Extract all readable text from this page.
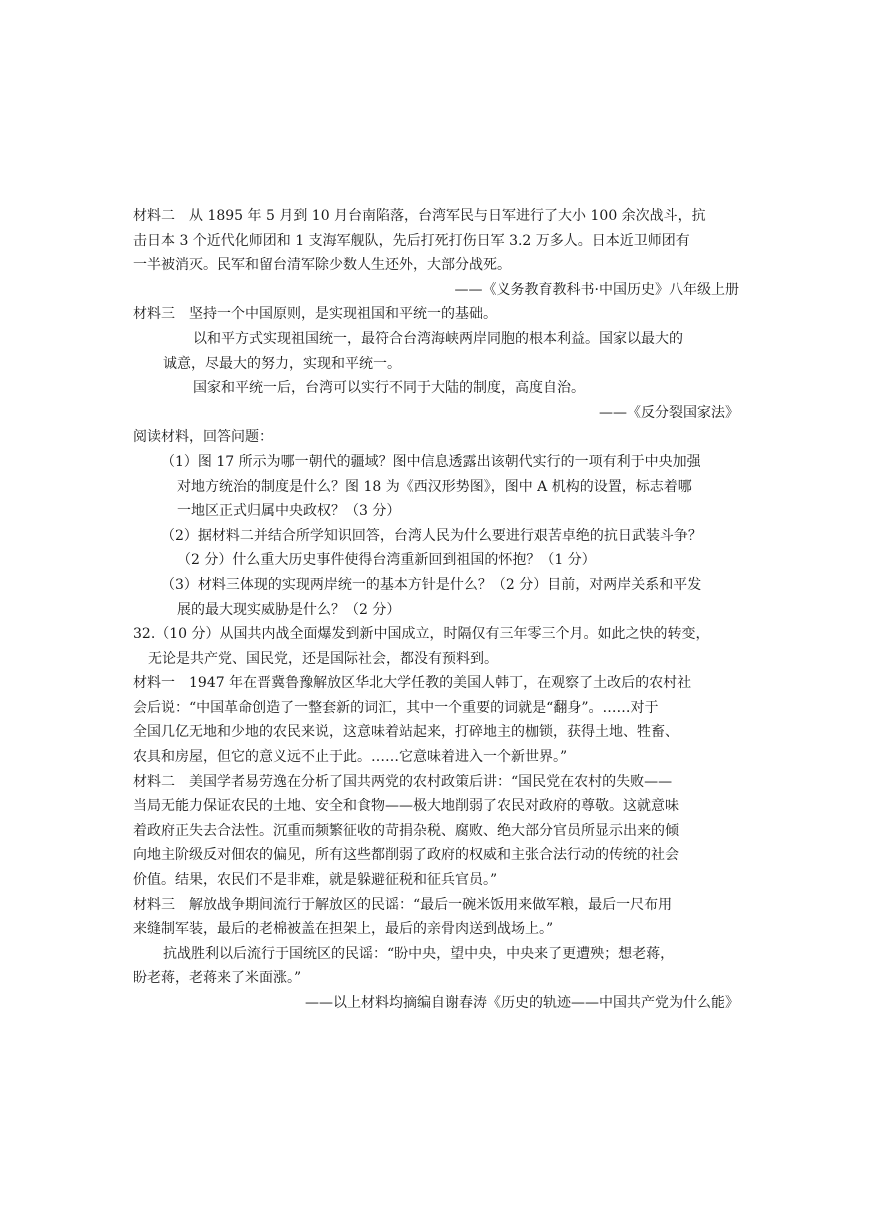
材料二　从 1895 年 5 月到 10 月台南陷落，台湾军民与日军进行了大小 100 余次战斗，抗
击日本 3 个近代化师团和 1 支海军舰队，先后打死打伤日军 3.2 万多人。日本近卫师团有
一半被消灭。民军和留台清军除少数人生还外，大部分战死。
——《义务教育教科书·中国历史》八年级上册
材料三　坚持一个中国原则，是实现祖国和平统一的基础。
以和平方式实现祖国统一，最符合台湾海峡两岸同胞的根本利益。国家以最大的
诚意，尽最大的努力，实现和平统一。
国家和平统一后，台湾可以实行不同于大陆的制度，高度自治。
——《反分裂国家法》
阅读材料，回答问题：
（1）图 17 所示为哪一朝代的疆域？图中信息透露出该朝代实行的一项有利于中央加强
对地方统治的制度是什么？图 18 为《西汉形势图》，图中 A 机构的设置，标志着哪
一地区正式归属中央政权？（3 分）
（2）据材料二并结合所学知识回答，台湾人民为什么要进行艰苦卓绝的抗日武装斗争？
（2 分）什么重大历史事件使得台湾重新回到祖国的怀抱？（1 分）
（3）材料三体现的实现两岸统一的基本方针是什么？（2 分）目前，对两岸关系和平发
展的最大现实威胁是什么？（2 分）
32.（10 分）从国共内战全面爆发到新中国成立，时隔仅有三年零三个月。如此之快的转变，
无论是共产党、国民党，还是国际社会，都没有预料到。
材料一　1947 年在晋冀鲁豫解放区华北大学任教的美国人韩丁，在观察了土改后的农村社
会后说：“中国革命创造了一整套新的词汇，其中一个重要的词就是“翻身”。……对于
全国几亿无地和少地的农民来说，这意味着站起来，打碎地主的枷锁，获得土地、牲畜、
农具和房屋，但它的意义远不止于此。……它意味着进入一个新世界。”
材料二　美国学者易劳逸在分析了国共两党的农村政策后讲：“国民党在农村的失败——
当局无能力保证农民的土地、安全和食物——极大地削弱了农民对政府的尊敬。这就意味
着政府正失去合法性。沉重而频繁征收的苛捐杂税、腐败、绝大部分官员所显示出来的倾
向地主阶级反对佃农的偏见，所有这些都削弱了政府的权威和主张合法行动的传统的社会
价值。结果，农民们不是非难，就是躲避征税和征兵官员。”
材料三　解放战争期间流行于解放区的民谣：“最后一碗米饭用来做军粮，最后一尺布用
来缝制军装，最后的老棉被盖在担架上，最后的亲骨肉送到战场上。”
抗战胜利以后流行于国统区的民谣：“盼中央，望中央，中央来了更遭殃；想老蒋，
盼老蒋，老蒋来了米面涨。”
——以上材料均摘编自谢春涛《历史的轨迹——中国共产党为什么能》
